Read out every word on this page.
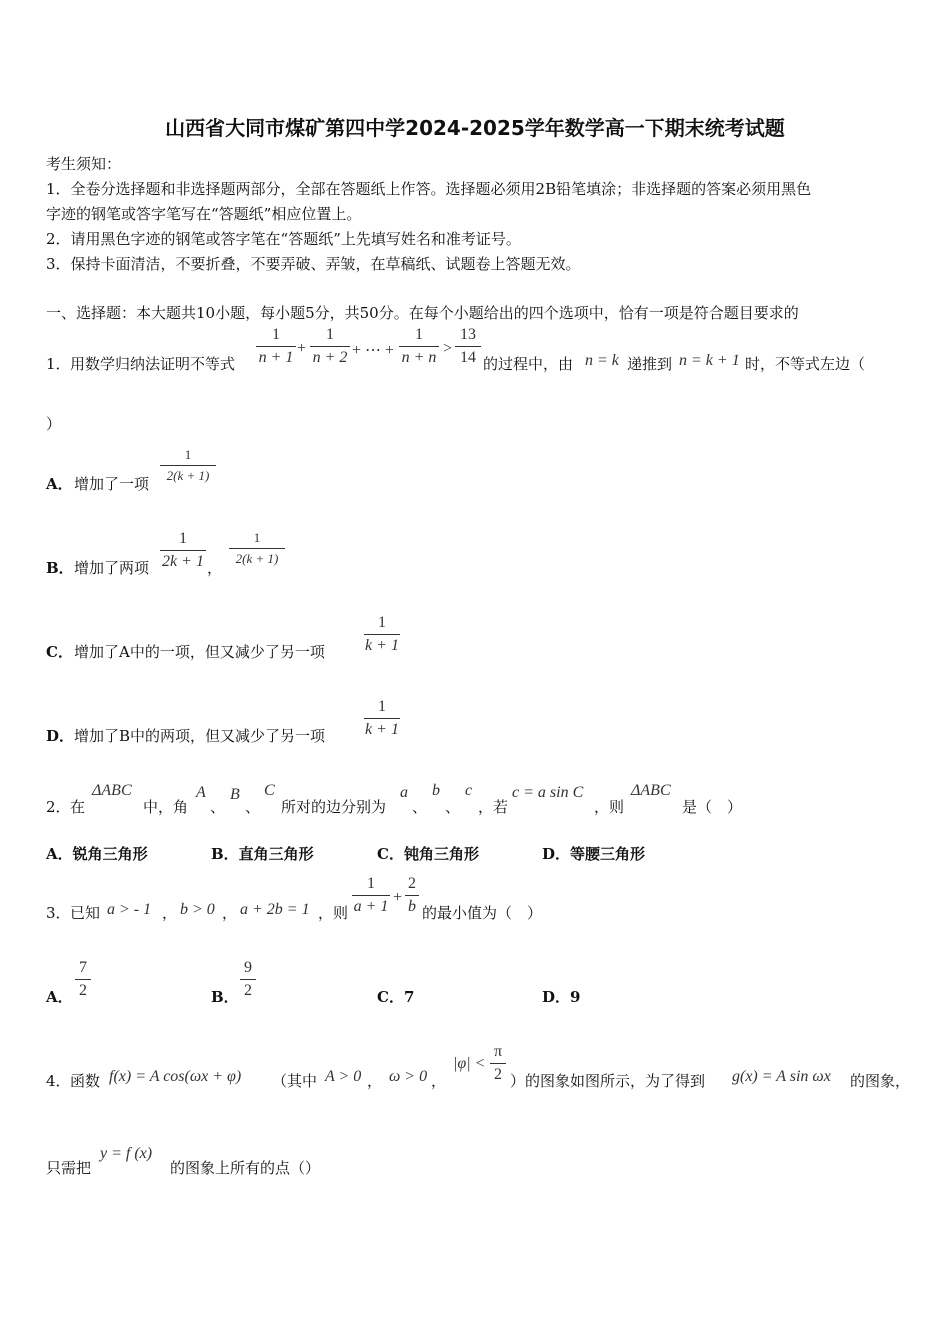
山西省大同市煤矿第四中学2024-2025学年数学高一下期末统考试题
考生须知：
1．全卷分选择题和非选择题两部分，全部在答题纸上作答。选择题必须用2B铅笔填涂；非选择题的答案必须用黑色
字迹的钢笔或答字笔写在“答题纸”相应位置上。
2．请用黑色字迹的钢笔或答字笔在“答题纸”上先填写姓名和准考证号。
3．保持卡面清洁，不要折叠，不要弄破、弄皱，在草稿纸、试题卷上答题无效。
一、选择题：本大题共10小题，每小题5分，共50分。在每个小题给出的四个选项中，恰有一项是符合题目要求的
1． 用数学归纳法证明不等式
1
n + 1
+
1
n + 2 + ⋯ +
1
n + n
>
13
14 的过程中，由 n = k 递推到 n = k + 1 时，不等式左边（
）
A． 增加了一项
1
2(k + 1)
B． 增加了两项
1
2k + 1 ，
1
2(k + 1)
C． 增加了A中的一项，但又减少了另一项
1
k + 1
D． 增加了B中的两项，但又减少了另一项
1
k + 1
2． 在
ΔABC
中，角
A
、
B
、
C
所对的边分别为
a
、
b
、
c
，若
c = a sin C
，则
ΔABC
是（　）
A．锐角三角形	B．直角三角形	C．钝角三角形	D．等腰三角形
3． 已知 a > - 1 ， b > 0 ， a + 2b = 1 ，则
1
a + 1
+
2
b 的最小值为（　）
A．
7
2	B．
9
2	C．7	D．9
4． 函数 f(x) = A cos(ωx + φ) （其中 A > 0 ， ω > 0 ，
|φ| <
π
2 ）的图象如图所示，为了得到 g(x) = A sin ωx 的图象，
只需把
y = f (x)
的图象上所有的点（）
